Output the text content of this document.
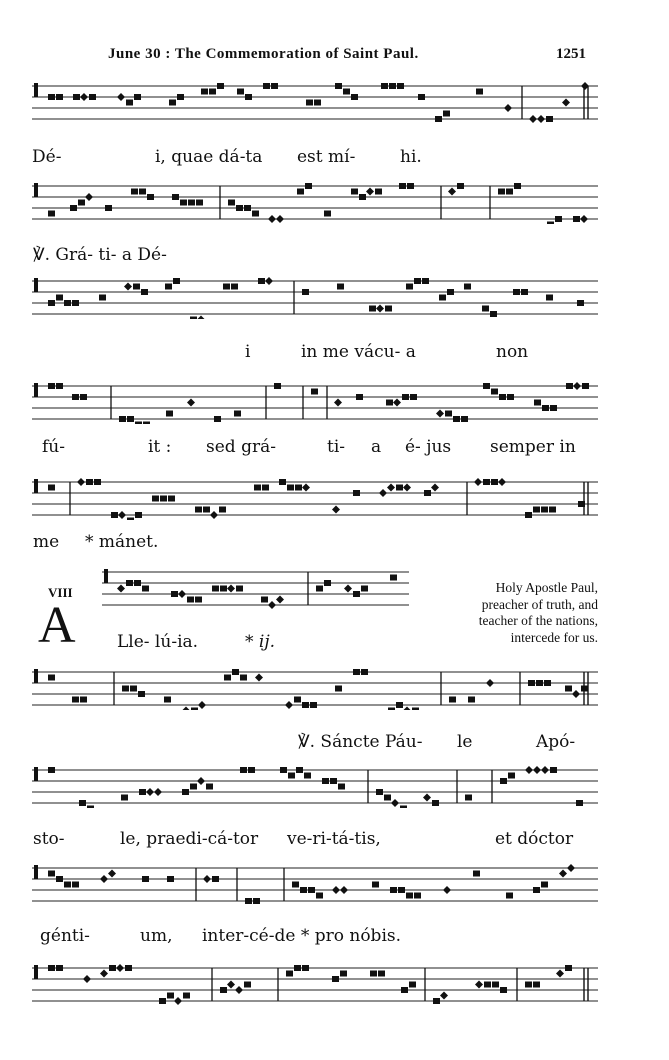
June 30 : The Commemoration of Saint Paul.	1251
Dé-	i, quae dá-ta est mí-	hi.
℣. Grá- ti- a Dé-
i	in me vácu- a	non
fú-	it : sed grá-	ti- a é- jus semper in
me * mánet.
VIII
A Lle- lú-ia.	* ij.
Holy Apostle Paul,
preacher of truth, and
teacher of the nations,
intercede for us.
℣. Sáncte Páu- le	Apó-
sto-	le, praedi-cá-tor ve-ri-tá-tis,	et dóctor
génti-	um, inter-cé-de * pro nóbis.
